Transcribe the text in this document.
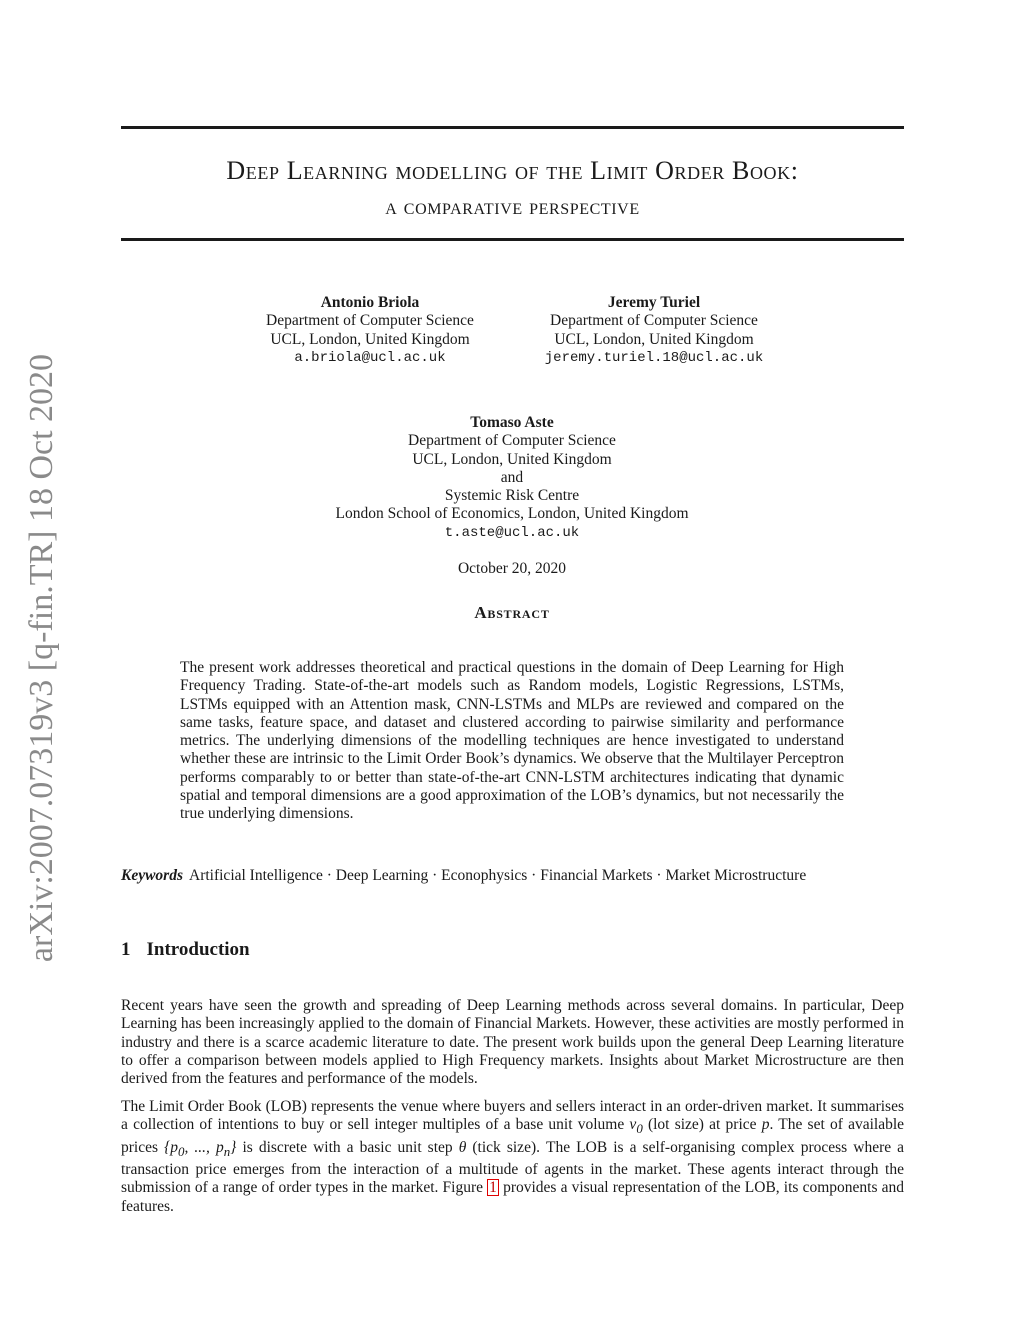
Deep Learning modelling of the Limit Order Book:
a comparative perspective
Antonio Briola
Department of Computer Science
UCL, London, United Kingdom
a.briola@ucl.ac.uk
Jeremy Turiel
Department of Computer Science
UCL, London, United Kingdom
jeremy.turiel.18@ucl.ac.uk
Tomaso Aste
Department of Computer Science
UCL, London, United Kingdom
and
Systemic Risk Centre
London School of Economics, London, United Kingdom
t.aste@ucl.ac.uk
October 20, 2020
Abstract
The present work addresses theoretical and practical questions in the domain of Deep Learning for High Frequency Trading. State-of-the-art models such as Random models, Logistic Regressions, LSTMs, LSTMs equipped with an Attention mask, CNN-LSTMs and MLPs are reviewed and compared on the same tasks, feature space, and dataset and clustered according to pairwise similarity and performance metrics. The underlying dimensions of the modelling techniques are hence investigated to understand whether these are intrinsic to the Limit Order Book’s dynamics. We observe that the Multilayer Perceptron performs comparably to or better than state-of-the-art CNN-LSTM architectures indicating that dynamic spatial and temporal dimensions are a good approximation of the LOB’s dynamics, but not necessarily the true underlying dimensions.
Keywords Artificial Intelligence · Deep Learning · Econophysics · Financial Markets · Market Microstructure
1 Introduction
Recent years have seen the growth and spreading of Deep Learning methods across several domains. In particular, Deep Learning has been increasingly applied to the domain of Financial Markets. However, these activities are mostly performed in industry and there is a scarce academic literature to date. The present work builds upon the general Deep Learning literature to offer a comparison between models applied to High Frequency markets. Insights about Market Microstructure are then derived from the features and performance of the models.
The Limit Order Book (LOB) represents the venue where buyers and sellers interact in an order-driven market. It summarises a collection of intentions to buy or sell integer multiples of a base unit volume $v_0$ (lot size) at price p. The set of available prices {$p_0$, ..., $p_n$} is discrete with a basic unit step θ (tick size). The LOB is a self-organising complex process where a transaction price emerges from the interaction of a multitude of agents in the market. These agents interact through the submission of a range of order types in the market. Figure 1 provides a visual representation of the LOB, its components and features.
arXiv:2007.07319v3 [q-fin.TR] 18 Oct 2020
